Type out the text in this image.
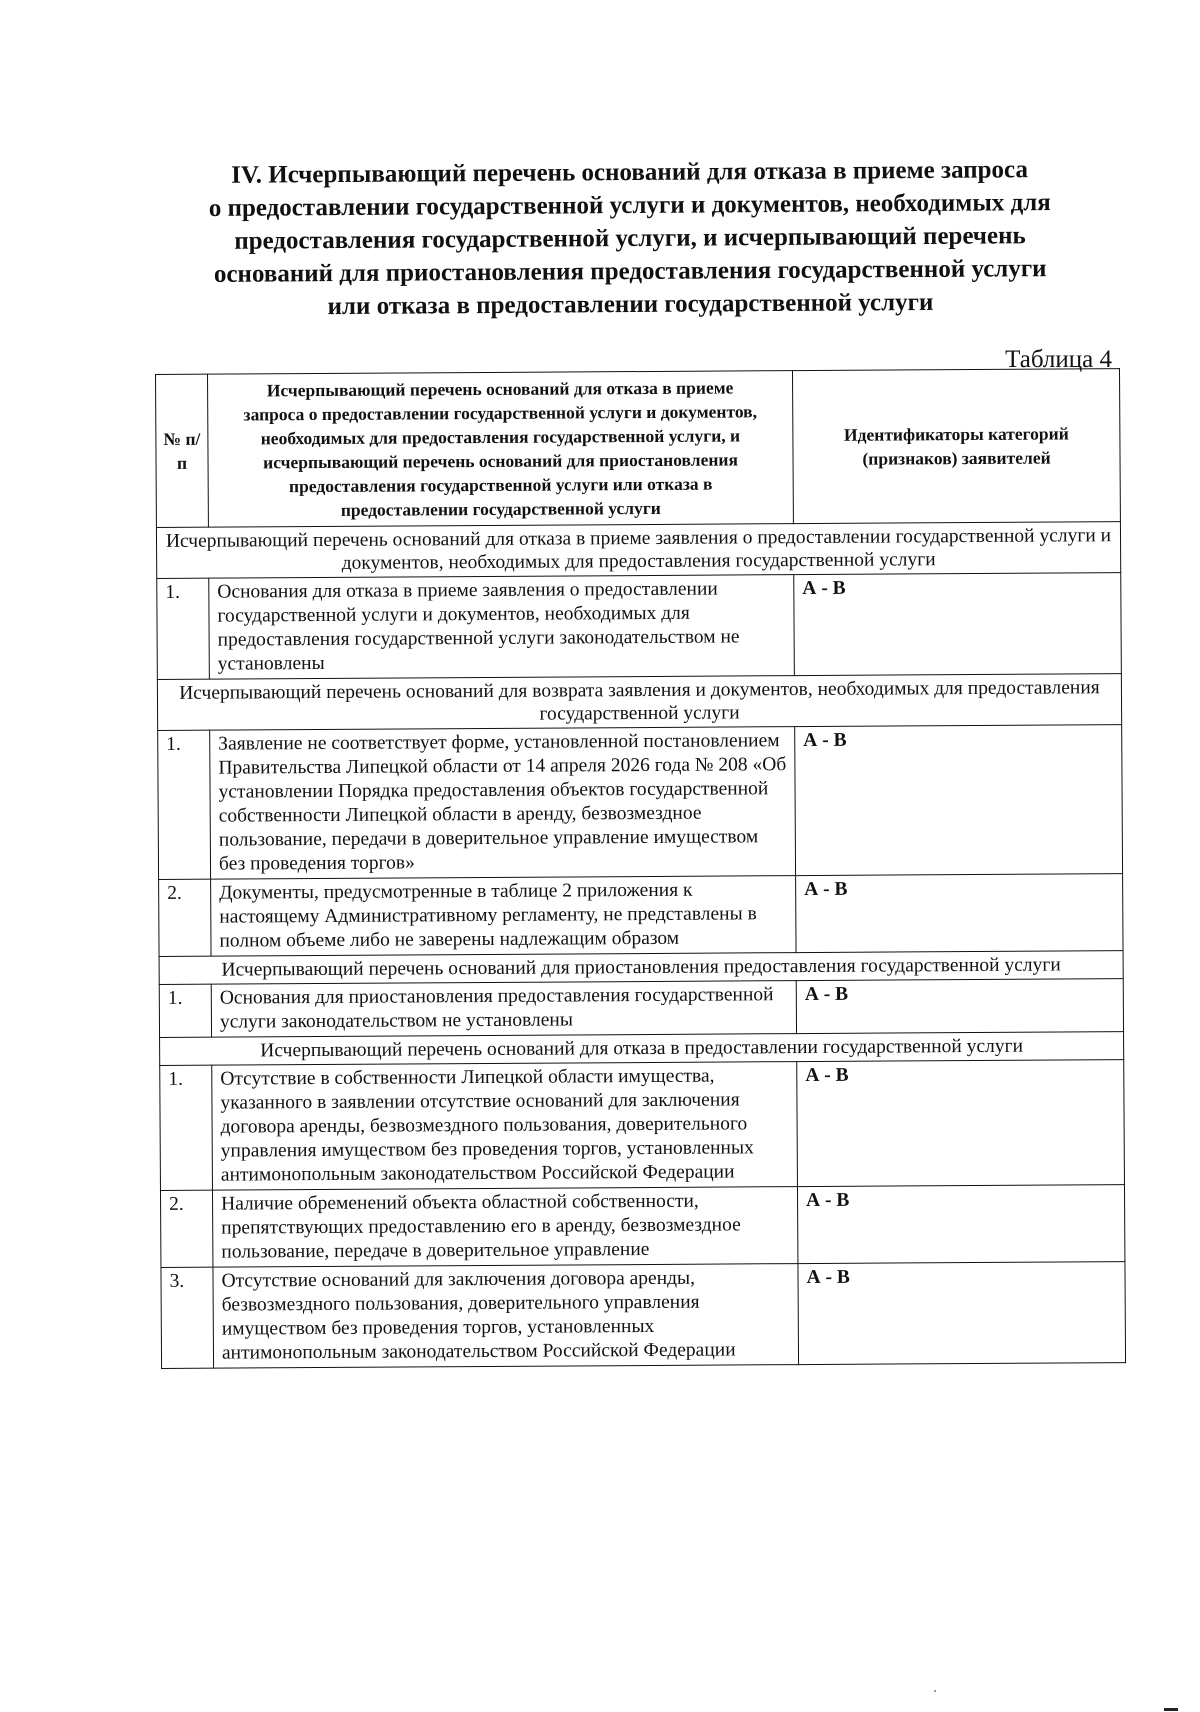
IV. Исчерпывающий перечень оснований для отказа в приеме запроса
о предоставлении государственной услуги и документов, необходимых для
предоставления государственной услуги, и исчерпывающий перечень
оснований для приостановления предоставления государственной услуги
или отказа в предоставлении государственной услуги
Таблица 4
№ п/п	Исчерпывающий перечень оснований для отказа в приеме запроса о предоставлении государственной услуги и документов, необходимых для предоставления государственной услуги, и исчерпывающий перечень оснований для приостановления предоставления государственной услуги или отказа в предоставлении государственной услуги	Идентификаторы категорий (признаков) заявителей
Исчерпывающий перечень оснований для отказа в приеме заявления о предоставлении государственной услуги и документов, необходимых для предоставления государственной услуги		
1.	Основания для отказа в приеме заявления о предоставлении государственной услуги и документов, необходимых для предоставления государственной услуги законодательством не установлены	А - В
Исчерпывающий перечень оснований для возврата заявления и документов, необходимых для предоставления государственной услуги		
1.	Заявление не соответствует форме, установленной постановлением Правительства Липецкой области от 14 апреля 2026 года № 208 «Об установлении Порядка предоставления объектов государственной собственности Липецкой области в аренду, безвозмездное пользование, передачи в доверительное управление имуществом без проведения торгов»	А - В
2.	Документы, предусмотренные в таблице 2 приложения к настоящему Административному регламенту, не представлены в полном объеме либо не заверены надлежащим образом	А - В
Исчерпывающий перечень оснований для приостановления предоставления государственной услуги		
1.	Основания для приостановления предоставления государственной услуги законодательством не установлены	А - В
Исчерпывающий перечень оснований для отказа в предоставлении государственной услуги		
1.	Отсутствие в собственности Липецкой области имущества, указанного в заявлении отсутствие оснований для заключения договора аренды, безвозмездного пользования, доверительного управления имуществом без проведения торгов, установленных антимонопольным законодательством Российской Федерации	А - В
2.	Наличие обременений объекта областной собственности, препятствующих предоставлению его в аренду, безвозмездное пользование, передаче в доверительное управление	А - В
3.	Отсутствие оснований для заключения договора аренды, безвозмездного пользования, доверительного управления имуществом без проведения торгов, установленных антимонопольным законодательством Российской Федерации	А - В
